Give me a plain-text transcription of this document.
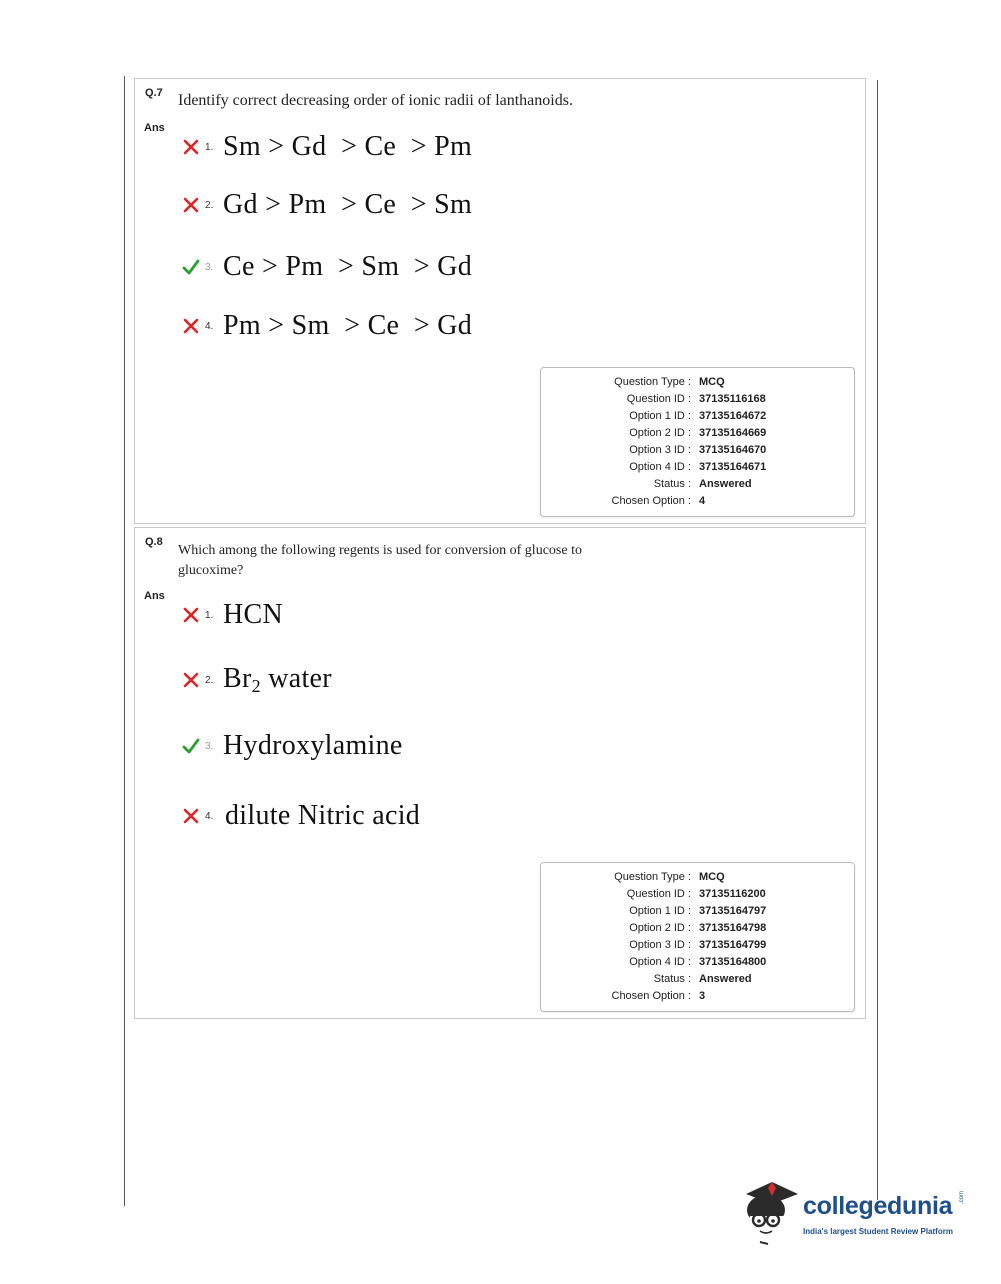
Q.7 Identify correct decreasing order of ionic radii of lanthanoids.
Ans
1. Sm > Gd  > Ce  > Pm
2. Gd > Pm  > Ce  > Sm
3. Ce > Pm  > Sm  > Gd
4. Pm > Sm  > Ce  > Gd
Question Type : MCQ
Question ID : 37135116168
Option 1 ID : 37135164672
Option 2 ID : 37135164669
Option 3 ID : 37135164670
Option 4 ID : 37135164671
Status : Answered
Chosen Option : 4
Q.8
Which among the following regents is used for conversion of glucose to
glucoxime?
Ans
1. HCN
2. $Br_2$ water
3. Hydroxylamine
4. dilute Nitric acid
Question Type : MCQ
Question ID : 37135116200
Option 1 ID : 37135164797
Option 2 ID : 37135164798
Option 3 ID : 37135164799
Option 4 ID : 37135164800
Status : Answered
Chosen Option : 3
collegedunia
India's largest Student Review Platform
.com
